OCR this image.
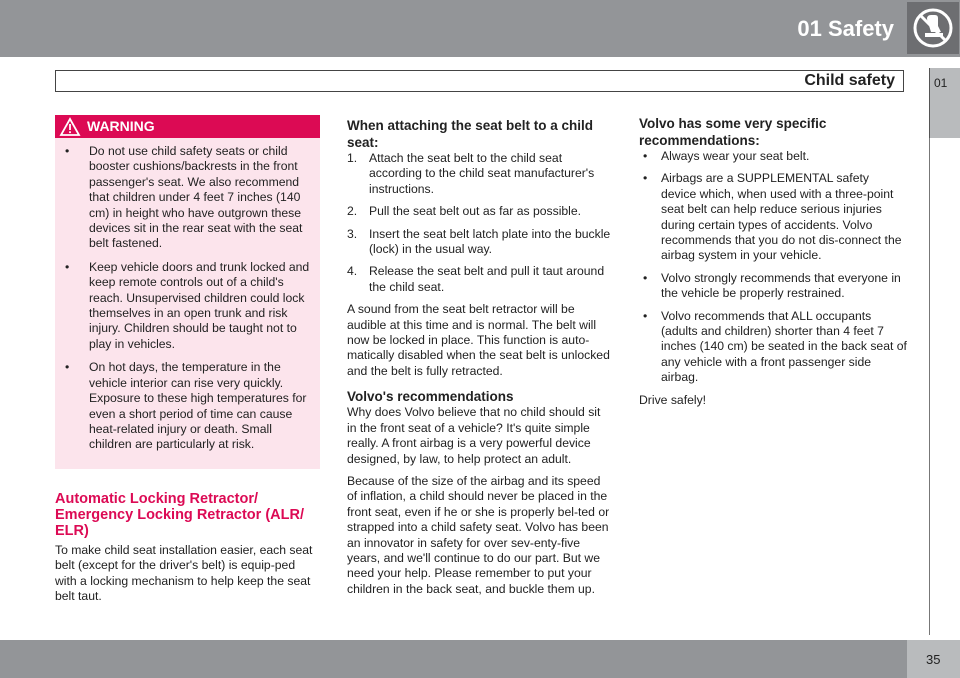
01 Safety
Child safety	01
WARNING
• Do not use child safety seats or child booster cushions/backrests in the front passenger's seat. We also recommend that children under 4 feet 7 inches (140 cm) in height who have outgrown these devices sit in the rear seat with the seat belt fastened.
• Keep vehicle doors and trunk locked and keep remote controls out of a child's reach. Unsupervised children could lock themselves in an open trunk and risk injury. Children should be taught not to play in vehicles.
• On hot days, the temperature in the vehicle interior can rise very quickly. Exposure to these high temperatures for even a short period of time can cause heat-related injury or death. Small children are particularly at risk.
Automatic Locking Retractor/ Emergency Locking Retractor (ALR/ ELR)

To make child seat installation easier, each seat belt (except for the driver's belt) is equip-ped with a locking mechanism to help keep the seat belt taut.

When attaching the seat belt to a child seat:
1. Attach the seat belt to the child seat according to the child seat manufacturer's instructions.
2. Pull the seat belt out as far as possible.
3. Insert the seat belt latch plate into the buckle (lock) in the usual way.
4. Release the seat belt and pull it taut around the child seat.

A sound from the seat belt retractor will be audible at this time and is normal. The belt will now be locked in place. This function is auto-matically disabled when the seat belt is unlocked and the belt is fully retracted.

Volvo's recommendations

Why does Volvo believe that no child should sit in the front seat of a vehicle? It's quite simple really. A front airbag is a very powerful device designed, by law, to help protect an adult.

Because of the size of the airbag and its speed of inflation, a child should never be placed in the front seat, even if he or she is properly bel-ted or strapped into a child safety seat. Volvo has been an innovator in safety for over sev-enty-five years, and we'll continue to do our part. But we need your help. Please remember to put your children in the back seat, and buckle them up.

Volvo has some very specific recommendations:
• Always wear your seat belt.
• Airbags are a SUPPLEMENTAL safety device which, when used with a three-point seat belt can help reduce serious injuries during certain types of accidents. Volvo recommends that you do not dis-connect the airbag system in your vehicle.
• Volvo strongly recommends that everyone in the vehicle be properly restrained.
• Volvo recommends that ALL occupants (adults and children) shorter than 4 feet 7 inches (140 cm) be seated in the back seat of any vehicle with a front passenger side airbag.

Drive safely!

35
